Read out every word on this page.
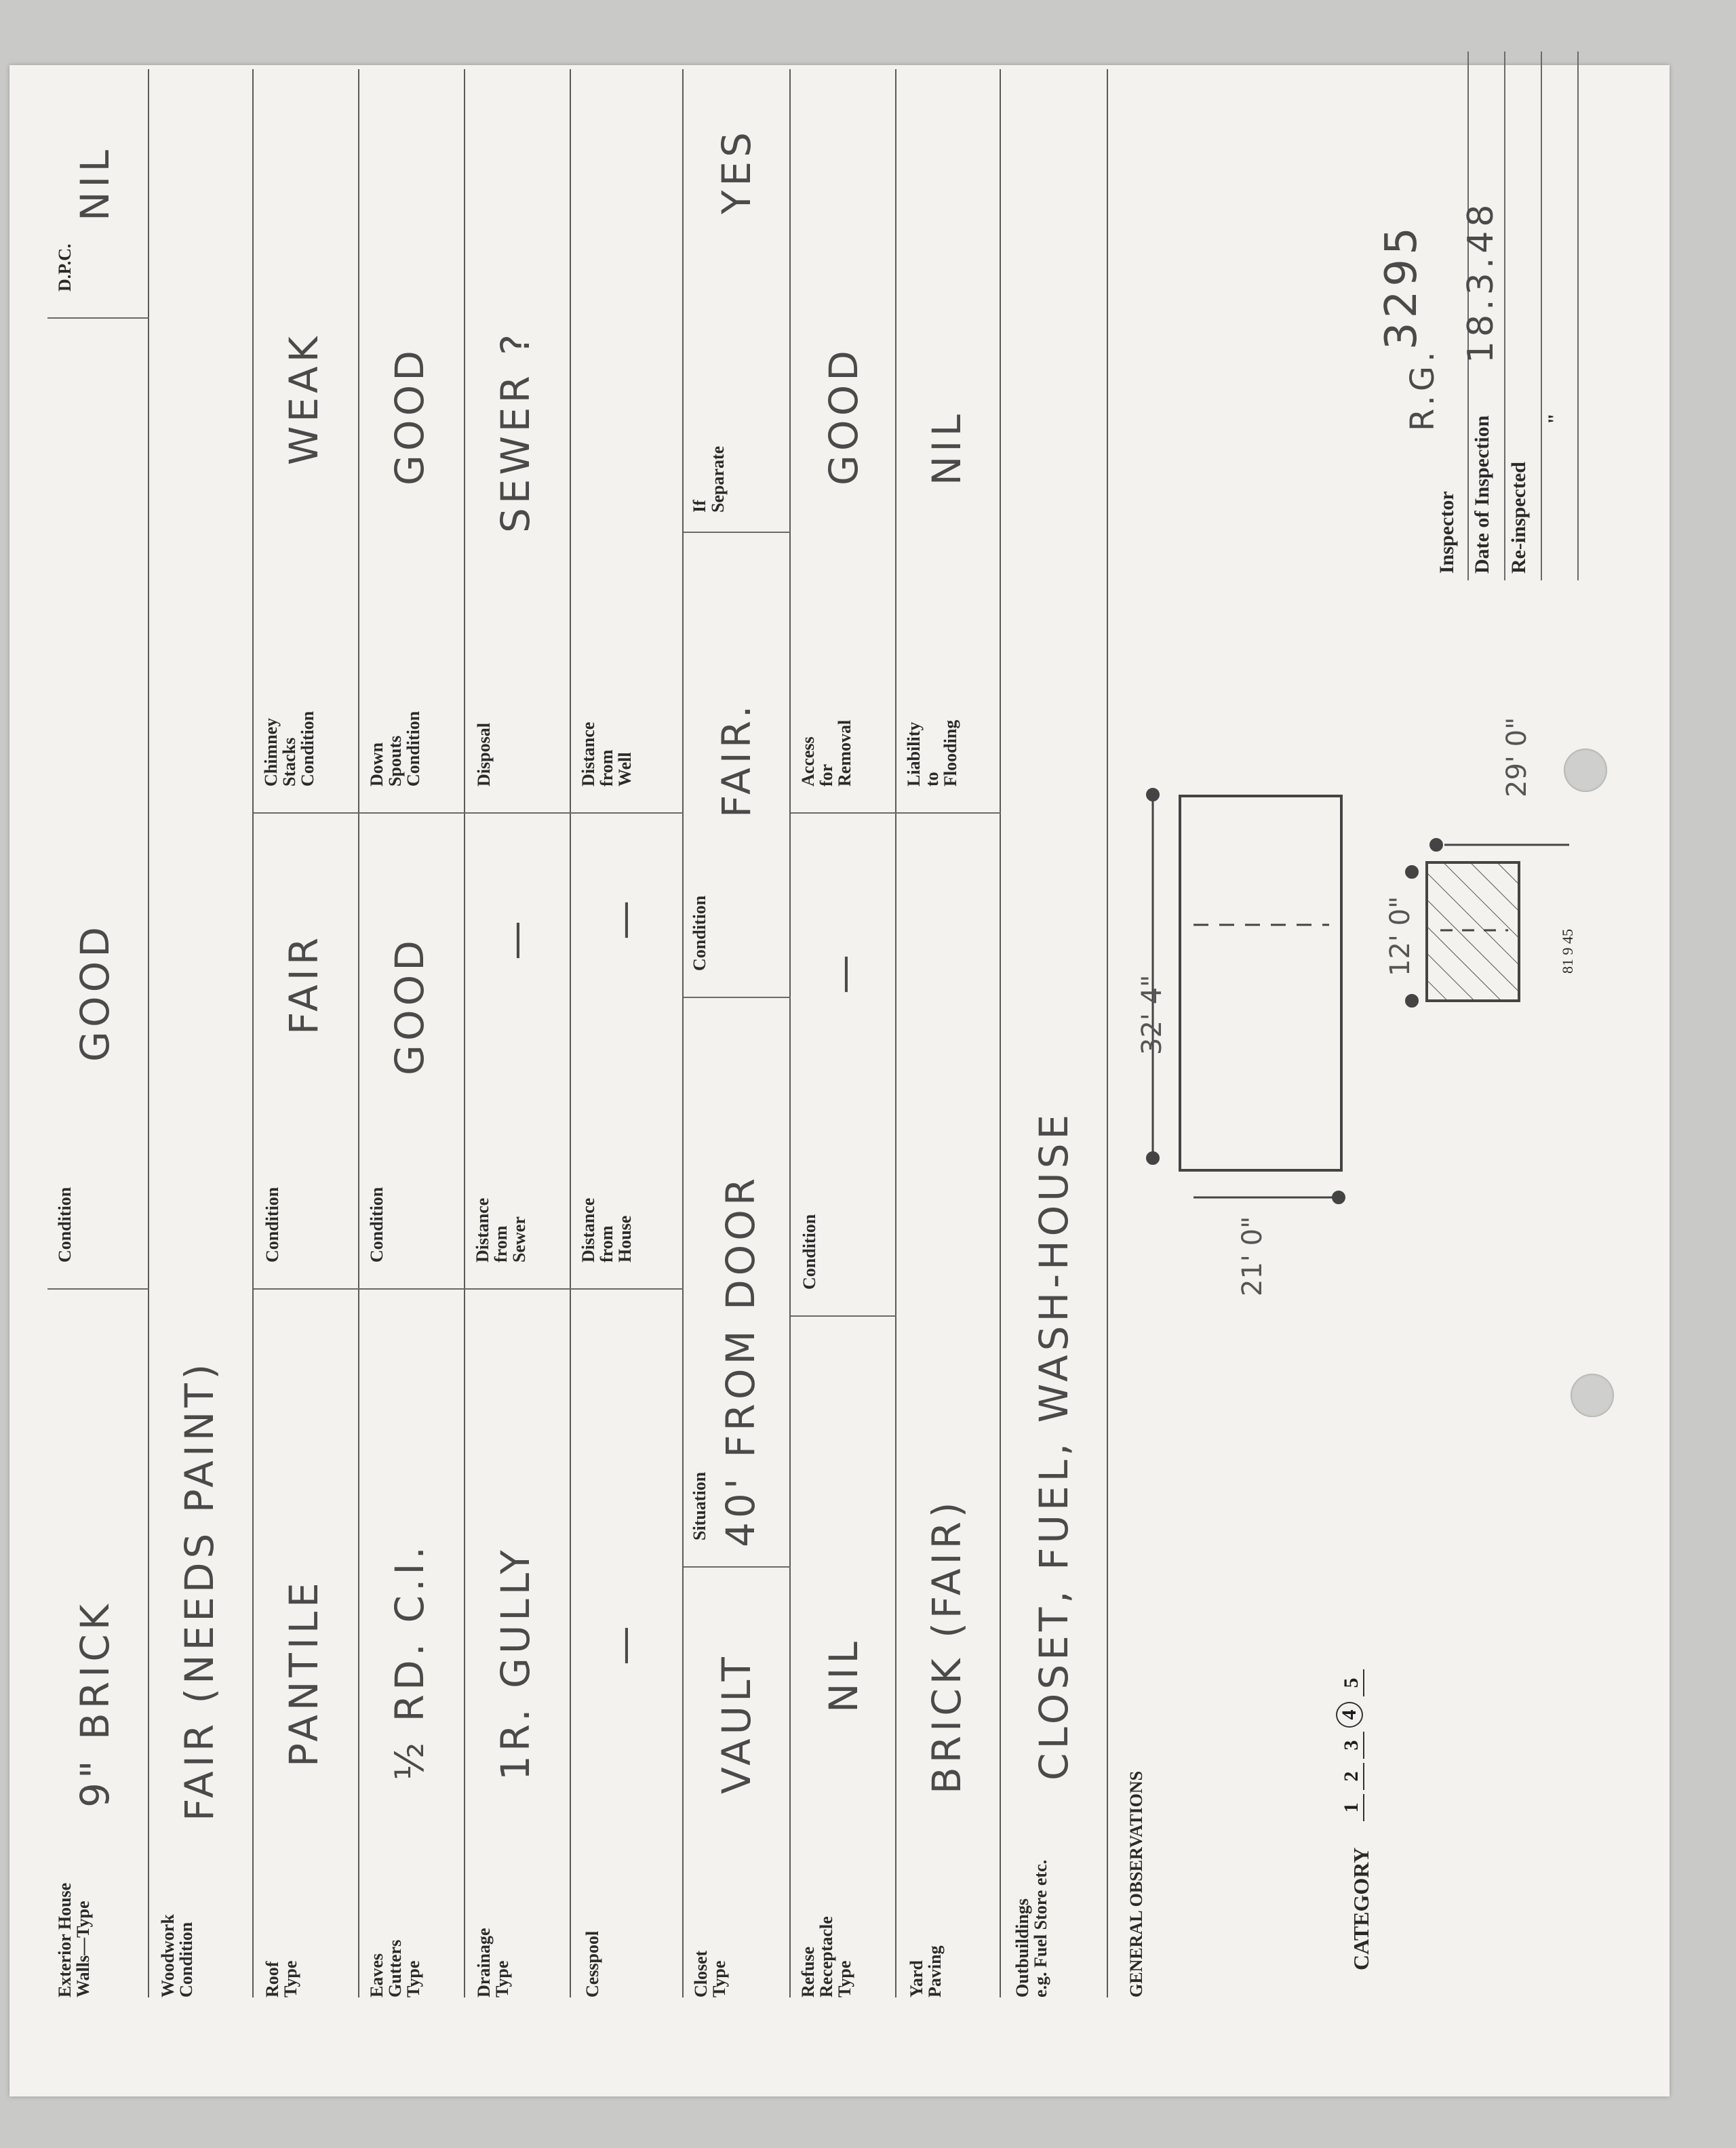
Exterior House
Walls—Type
9" BRICK
Condition
GOOD
D.P.C.
NIL
Woodwork
Condition
FAIR (NEEDS PAINT)
Roof
Type
PANTILE
Condition
FAIR
Chimney
Stacks
Condition
WEAK
Eaves
Gutters
Type
½ RD. C.I.
Condition
GOOD
Down
Spouts
Condition
GOOD
Drainage
Type
1R. GULLY
Distance
from
Sewer
—
Disposal
SEWER ?
Cesspool
—
Distance
from
House
—
Distance
from
Well
Closet
Type
VAULT
Situation 40' FROM DOOR
Condition
FAIR.
If
Separate
YES
Refuse
Receptacle
Type
NIL
Condition
—
Access
for
Removal
GOOD
Yard
Paving
BRICK (FAIR)
Liability
to
Flooding
NIL
Outbuildings
e.g. Fuel Store etc.
CLOSET, FUEL, WASH-HOUSE
GENERAL OBSERVATIONS	CATEGORY
1
2
3
4
5
Inspector
R.G.
3295
Date of Inspection
18.3.48
Re-inspected
"
81 9 45
32' 4"
21' 0"
12' 0"
29' 0"
